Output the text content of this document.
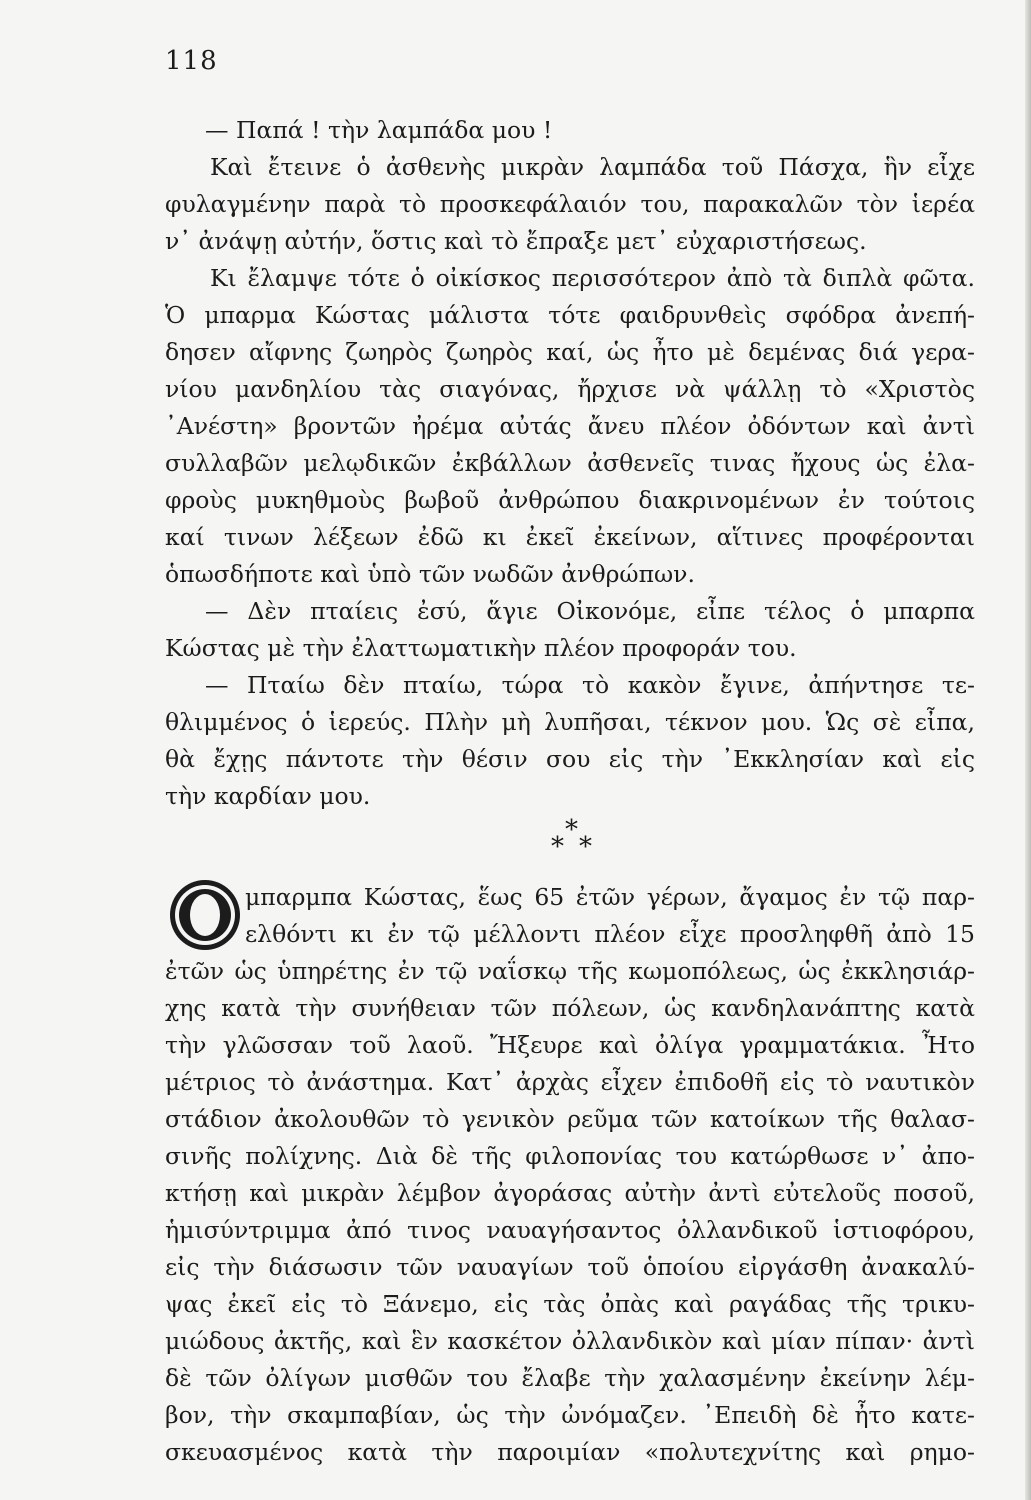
118
— Παπά ! τὴν λαμπάδα μου !
Καὶ ἔτεινε ὁ ἀσθενὴς μικρὰν λαμπάδα τοῦ Πάσχα, ἣν εἶχε
φυλαγμένην παρὰ τὸ προσκεφάλαιόν του, παρακαλῶν τὸν ἱερέα
ν᾽ ἀνάψῃ αὐτήν, ὅστις καὶ τὸ ἔπραξε μετ᾽ εὐχαριστήσεως.
Κι ἔλαμψε τότε ὁ οἰκίσκος περισσότερον ἀπὸ τὰ διπλὰ φῶτα.
Ὁ μπαρμα Κώστας μάλιστα τότε φαιδρυνθεὶς σφόδρα ἀνεπή-
δησεν αἴφνης ζωηρὸς ζωηρὸς καί, ὡς ἦτο μὲ δεμένας διά γερα-
νίου μανδηλίου τὰς σιαγόνας, ἤρχισε νὰ ψάλλῃ τὸ «Χριστὸς
᾽Ανέστη» βροντῶν ἠρέμα αὐτάς ἄνευ πλέον ὀδόντων καὶ ἀντὶ
συλλαβῶν μελῳδικῶν ἐκβάλλων ἀσθενεῖς τινας ἤχους ὡς ἐλα-
φροὺς μυκηθμοὺς βωβοῦ ἀνθρώπου διακρινομένων ἐν τούτοις
καί τινων λέξεων ἐδῶ κι ἐκεῖ ἐκείνων, αἵτινες προφέρονται
ὁπωσδήποτε καὶ ὑπὸ τῶν νωδῶν ἀνθρώπων.
— Δὲν πταίεις ἐσύ, ἅγιε Οἰκονόμε, εἶπε τέλος ὁ μπαρπα
Κώστας μὲ τὴν ἐλαττωματικὴν πλέον προφοράν του.
— Πταίω δὲν πταίω, τώρα τὸ κακὸν ἔγινε, ἀπήντησε τε-
θλιμμένος ὁ ἱερεύς. Πλὴν μὴ λυπῆσαι, τέκνον μου. Ὡς σὲ εἶπα,
θὰ ἔχῃς πάντοτε τὴν θέσιν σου εἰς τὴν ᾽Εκκλησίαν καὶ εἰς
τὴν καρδίαν μου.
*
* *
μπαρμπα Κώστας, ἕως 65 ἐτῶν γέρων, ἄγαμος ἐν τῷ παρ-
ελθόντι κι ἐν τῷ μέλλοντι πλέον εἶχε προσληφθῆ ἀπὸ 15
ἐτῶν ὡς ὑπηρέτης ἐν τῷ ναΐσκῳ τῆς κωμοπόλεως, ὡς ἐκκλησιάρ-
χης κατὰ τὴν συνήθειαν τῶν πόλεων, ὡς κανδηλανάπτης κατὰ
τὴν γλῶσσαν τοῦ λαοῦ. Ἤξευρε καὶ ὀλίγα γραμματάκια. Ἦτο
μέτριος τὸ ἀνάστημα. Κατ᾽ ἀρχὰς εἶχεν ἐπιδοθῆ εἰς τὸ ναυτικὸν
στάδιον ἀκολουθῶν τὸ γενικὸν ρεῦμα τῶν κατοίκων τῆς θαλασ-
σινῆς πολίχνης. Διὰ δὲ τῆς φιλοπονίας του κατώρθωσε ν᾽ ἀπο-
κτήσῃ καὶ μικρὰν λέμβον ἀγοράσας αὐτὴν ἀντὶ εὐτελοῦς ποσοῦ,
ἡμισύντριμμα ἀπό τινος ναυαγήσαντος ὀλλανδικοῦ ἱστιοφόρου,
εἰς τὴν διάσωσιν τῶν ναυαγίων τοῦ ὁποίου εἰργάσθη ἀνακαλύ-
ψας ἐκεῖ εἰς τὸ Ξάνεμο, εἰς τὰς ὀπὰς καὶ ραγάδας τῆς τρικυ-
μιώδους ἀκτῆς, καὶ ἓν κασκέτον ὀλλανδικὸν καὶ μίαν πίπαν· ἀντὶ
δὲ τῶν ὀλίγων μισθῶν του ἔλαβε τὴν χαλασμένην ἐκείνην λέμ-
βον, τὴν σκαμπαβίαν, ὡς τὴν ὠνόμαζεν. ᾽Επειδὴ δὲ ἦτο κατε-
σκευασμένος κατὰ τὴν παροιμίαν «πολυτεχνίτης καὶ ρημο-
